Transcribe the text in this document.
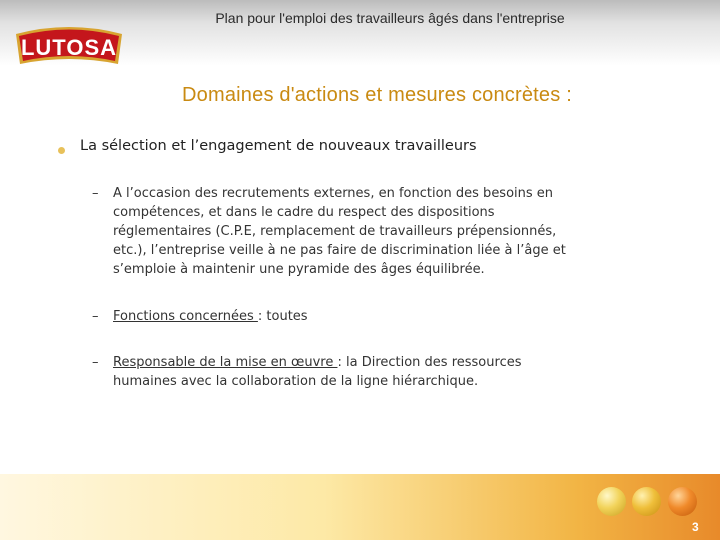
Plan pour l'emploi des travailleurs âgés dans l'entreprise
LUTOSA
Domaines d'actions et mesures concrètes :
La sélection et l’engagement de nouveaux travailleurs
– A l’occasion des recrutements externes, en fonction des besoins en
compétences, et dans le cadre du respect des dispositions
réglementaires (C.P.E, remplacement de travailleurs prépensionnés,
etc.), l’entreprise veille à ne pas faire de discrimination liée à l’âge et
s’emploie à maintenir une pyramide des âges équilibrée.
– Fonctions concernées : toutes
– Responsable de la mise en œuvre : la Direction des ressources
humaines avec la collaboration de la ligne hiérarchique.
3
